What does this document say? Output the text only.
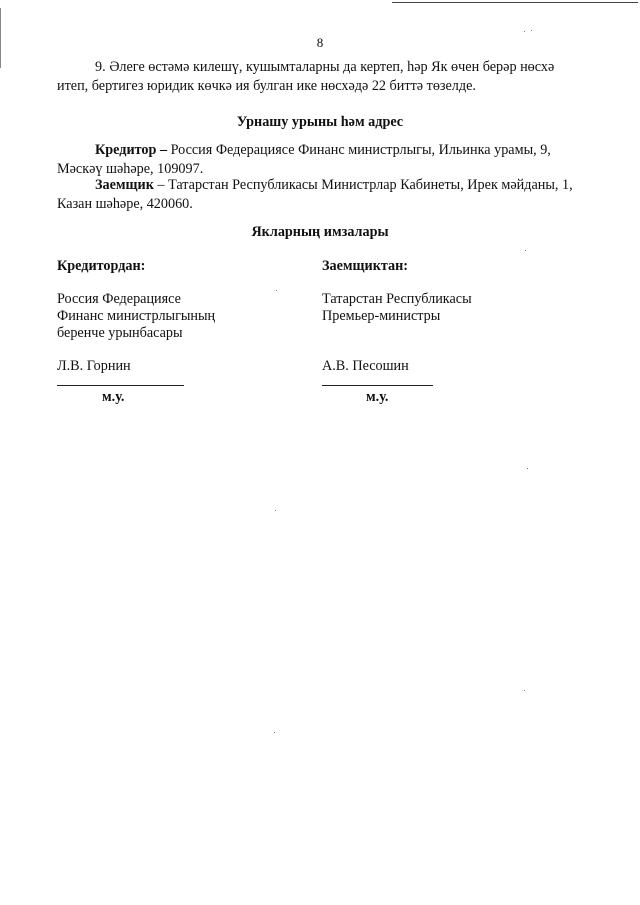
8

9. Әлеге өстәмә килешү, кушымталарны да кертеп, һәр Як өчен берәр нөсхә

итеп, бертигез юридик көчкә ия булган ике нөсхәдә 22 биттә төзелде.

Урнашу урыны һәм адрес

Кредитор – Россия Федерациясе Финанс министрлыгы, Ильинка урамы, 9,

Мәскәү шәһәре, 109097.

Заемщик – Татарстан Республикасы Министрлар Кабинеты, Ирек мәйданы, 1,

Казан шәһәре, 420060.

Якларның имзалары
Кредитордан:
Россия Федерациясе
Финанс министрлыгының
беренче урынбасары
Л.В. Горнин
м.у.
Заемщиктан:
Татарстан Республикасы
Премьер-министры
А.В. Песошин
м.у.
